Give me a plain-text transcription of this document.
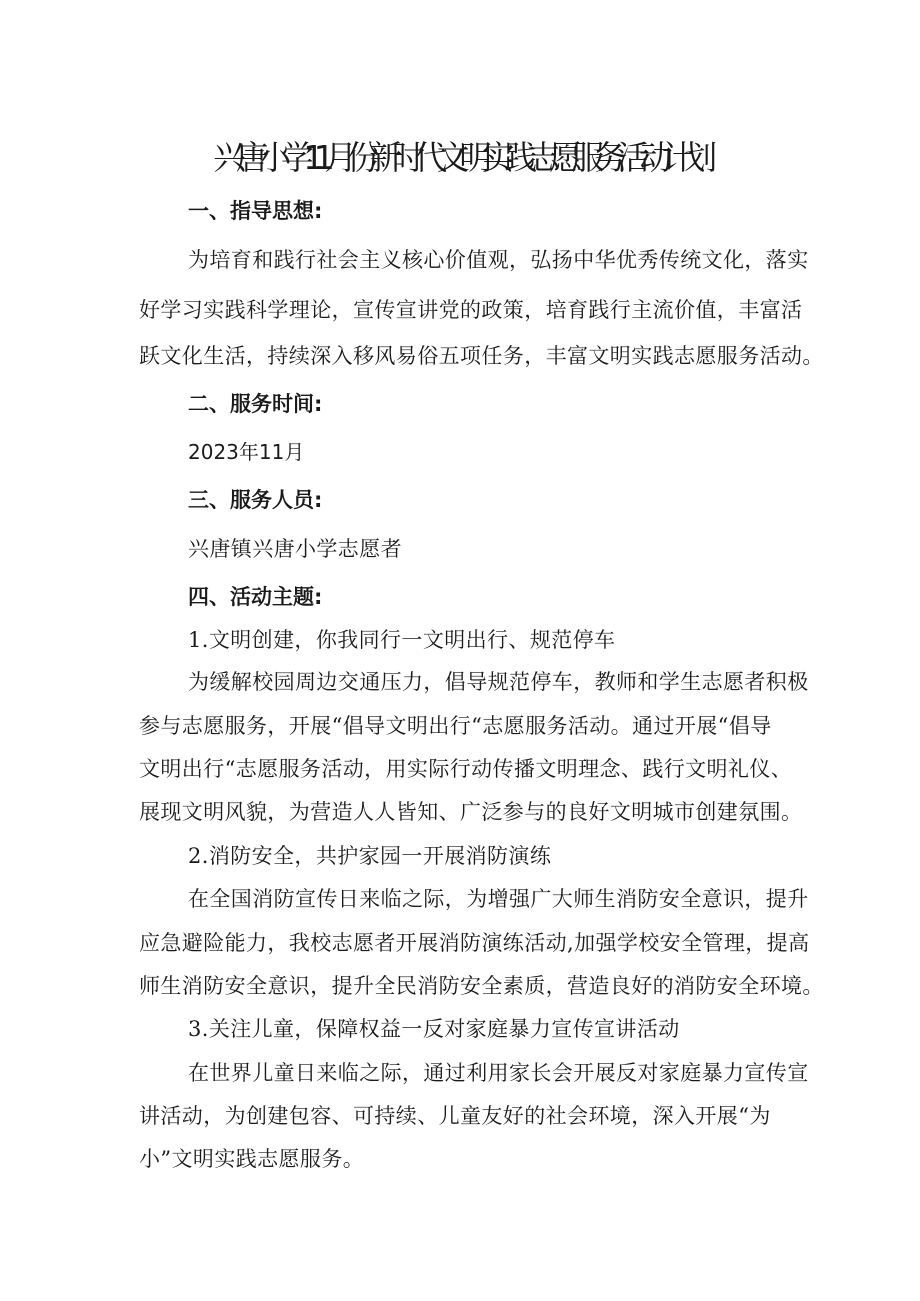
兴唐小学11月份新时代文明实践志愿服务活动计划
一、指导思想:
为培育和践行社会主义核心价值观，弘扬中华优秀传统文化，落实
好学习实践科学理论，宣传宣讲党的政策，培育践行主流价值，丰富活
跃文化生活，持续深入移风易俗五项任务，丰富文明实践志愿服务活动。
二、服务时间:
2023年11月
三、服务人员:
兴唐镇兴唐小学志愿者
四、活动主题:
1.文明创建，你我同行一文明出行、规范停车
为缓解校园周边交通压力，倡导规范停车，教师和学生志愿者积极
参与志愿服务，开展“倡导文明出行“志愿服务活动。通过开展“倡导
文明出行“志愿服务活动，用实际行动传播文明理念、践行文明礼仪、
展现文明风貌，为营造人人皆知、广泛参与的良好文明城市创建氛围。
2.消防安全，共护家园一开展消防演练
在全国消防宣传日来临之际，为增强广大师生消防安全意识，提升
应急避险能力，我校志愿者开展消防演练活动,加强学校安全管理，提高
师生消防安全意识，提升全民消防安全素质，营造良好的消防安全环境。
3.关注儿童，保障权益一反对家庭暴力宣传宣讲活动
在世界儿童日来临之际，通过利用家长会开展反对家庭暴力宣传宣
讲活动，为创建包容、可持续、儿童友好的社会环境，深入开展“为
小”文明实践志愿服务。
